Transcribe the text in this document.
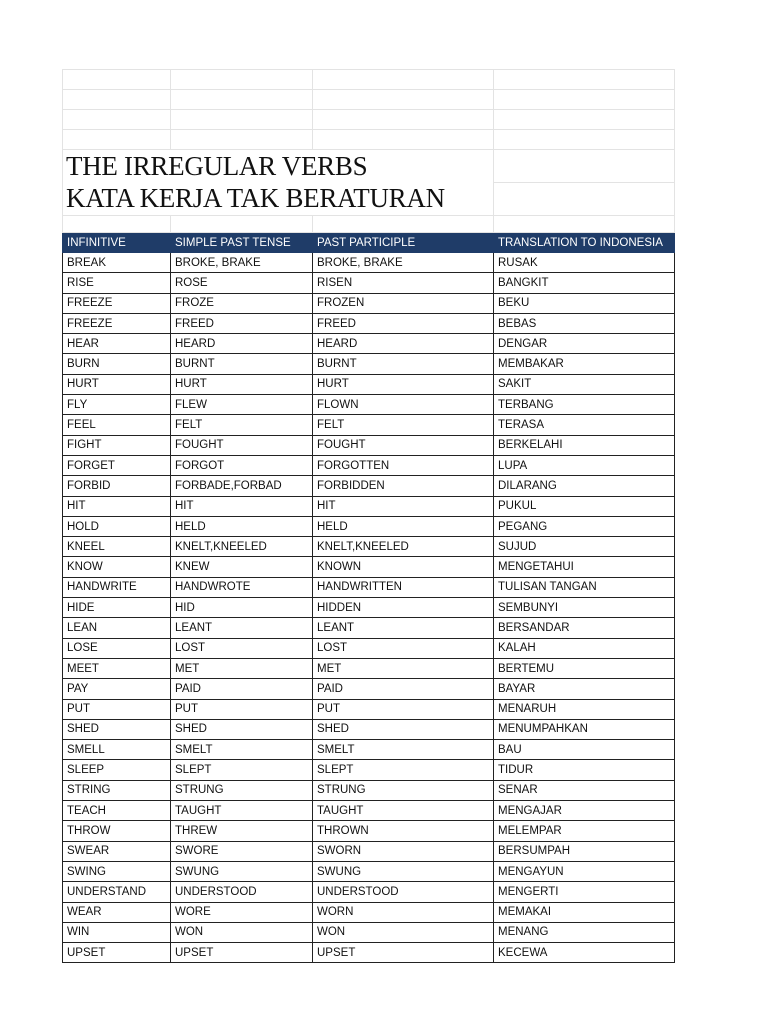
THE IRREGULAR VERBS			
KATA KERJA TAK BERATURAN			

INFINITIVE	SIMPLE PAST TENSE	PAST PARTICIPLE	TRANSLATION TO INDONESIA
BREAK	BROKE, BRAKE	BROKE, BRAKE	RUSAK
RISE	ROSE	RISEN	BANGKIT
FREEZE	FROZE	FROZEN	BEKU
FREEZE	FREED	FREED	BEBAS
HEAR	HEARD	HEARD	DENGAR
BURN	BURNT	BURNT	MEMBAKAR
HURT	HURT	HURT	SAKIT
FLY	FLEW	FLOWN	TERBANG
FEEL	FELT	FELT	TERASA
FIGHT	FOUGHT	FOUGHT	BERKELAHI
FORGET	FORGOT	FORGOTTEN	LUPA
FORBID	FORBADE,FORBAD	FORBIDDEN	DILARANG
HIT	HIT	HIT	PUKUL
HOLD	HELD	HELD	PEGANG
KNEEL	KNELT,KNEELED	KNELT,KNEELED	SUJUD
KNOW	KNEW	KNOWN	MENGETAHUI
HANDWRITE	HANDWROTE	HANDWRITTEN	TULISAN TANGAN
HIDE	HID	HIDDEN	SEMBUNYI
LEAN	LEANT	LEANT	BERSANDAR
LOSE	LOST	LOST	KALAH
MEET	MET	MET	BERTEMU
PAY	PAID	PAID	BAYAR
PUT	PUT	PUT	MENARUH
SHED	SHED	SHED	MENUMPAHKAN
SMELL	SMELT	SMELT	BAU
SLEEP	SLEPT	SLEPT	TIDUR
STRING	STRUNG	STRUNG	SENAR
TEACH	TAUGHT	TAUGHT	MENGAJAR
THROW	THREW	THROWN	MELEMPAR
SWEAR	SWORE	SWORN	BERSUMPAH
SWING	SWUNG	SWUNG	MENGAYUN
UNDERSTAND	UNDERSTOOD	UNDERSTOOD	MENGERTI
WEAR	WORE	WORN	MEMAKAI
WIN	WON	WON	MENANG
UPSET	UPSET	UPSET	KECEWA
